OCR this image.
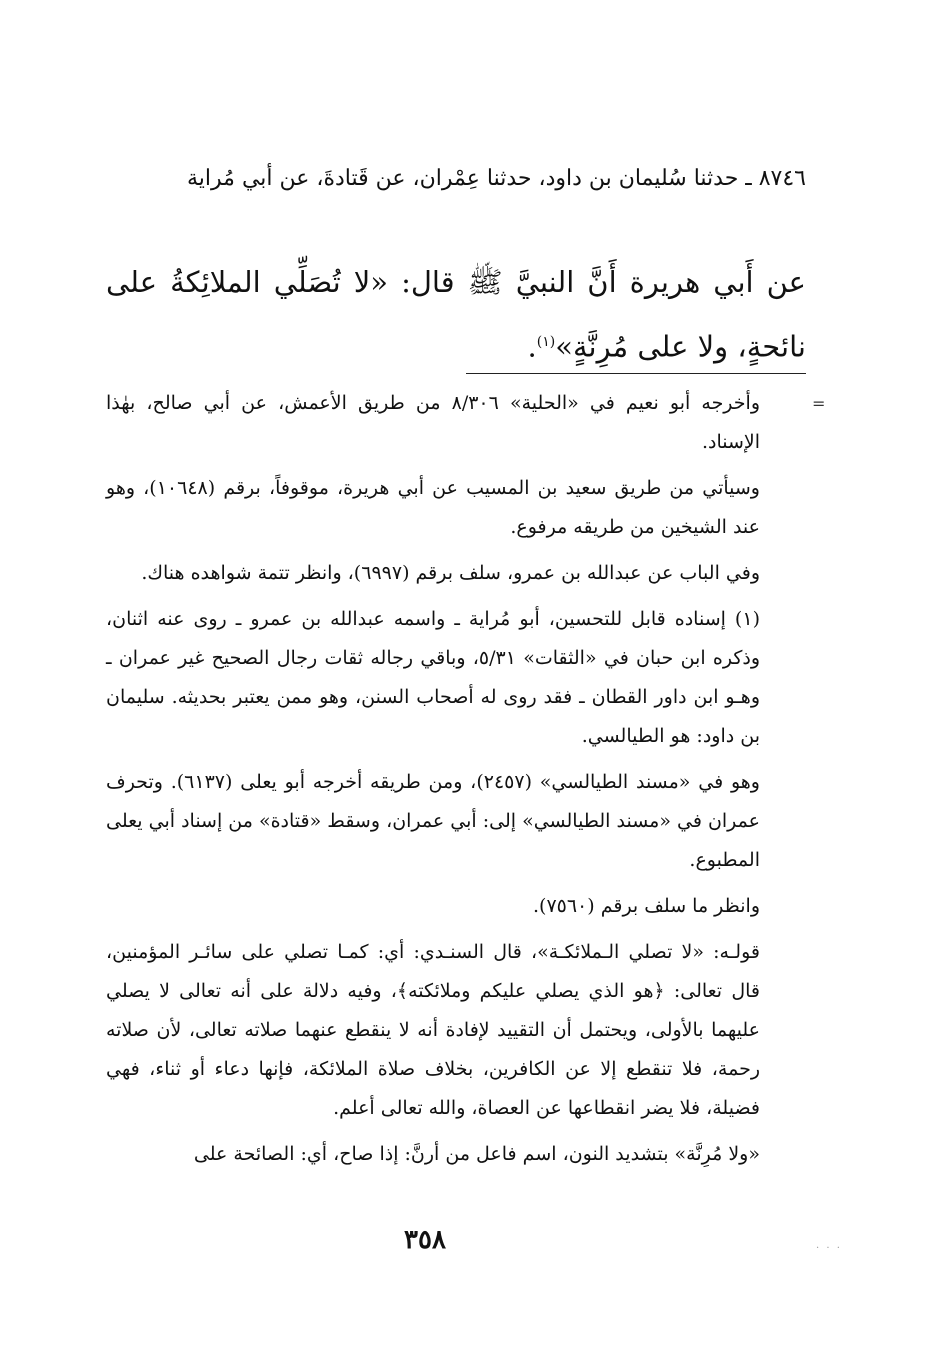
٨٧٤٦ ـ حدثنا سُليمان بن داود، حدثنا عِمْران، عن قَتادةَ، عن أبي مُراية
عن أَبي هريرة أَنَّ النبيَّ ﷺ قال: «لا تُصَلِّي الملائِكةُ على نائحةٍ، ولا على مُرِنَّةٍ»$^{(١)}$.
=

وأخرجه أبو نعيم في «الحلية» ٨/٣٠٦ من طريق الأعمش، عن أبي صالح، بهٰذا الإسناد.

وسيأتي من طريق سعيد بن المسيب عن أبي هريرة، موقوفاً، برقم (١٠٦٤٨)، وهو عند الشيخين من طريقه مرفوع.

وفي الباب عن عبدالله بن عمرو، سلف برقم (٦٩٩٧)، وانظر تتمة شواهده هناك.

(١) إسناده قابل للتحسين، أبو مُراية ـ واسمه عبدالله بن عمرو ـ روى عنه اثنان، وذكره ابن حبان في «الثقات» ٥/٣١، وباقي رجاله ثقات رجال الصحيح غير عمران ـ وهـو ابن داور القطان ـ فقد روى له أصحاب السنن، وهو ممن يعتبر بحديثه. سليمان بن داود: هو الطيالسي.

وهو في «مسند الطيالسي» (٢٤٥٧)، ومن طريقه أخرجه أبو يعلى (٦١٣٧). وتحرف عمران في «مسند الطيالسي» إلى: أبي عمران، وسقط «قتادة» من إسناد أبي يعلى المطبوع.

وانظر ما سلف برقم (٧٥٦٠).

قولـه: «لا تصلي الـملائكـة»، قال السنـدي: أي: كمـا تصلي على سائـر المؤمنين، قال تعالى: ﴿هو الذي يصلي عليكم وملائكته﴾، وفيه دلالة على أنه تعالى لا يصلي عليهما بالأولى، ويحتمل أن التقييد لإفادة أنه لا ينقطع عنهما صلاته تعالى، لأن صلاته رحمة، فلا تنقطع إلا عن الكافرين، بخلاف صلاة الملائكة، فإنها دعاء أو ثناء، فهي فضيلة، فلا يضر انقطاعها عن العصاة، والله تعالى أعلم.

«ولا مُرِنَّة» بتشديد النون، اسم فاعل من أرنَّ: إذا صاح، أي: الصائحة على

٣٥٨	. . .
